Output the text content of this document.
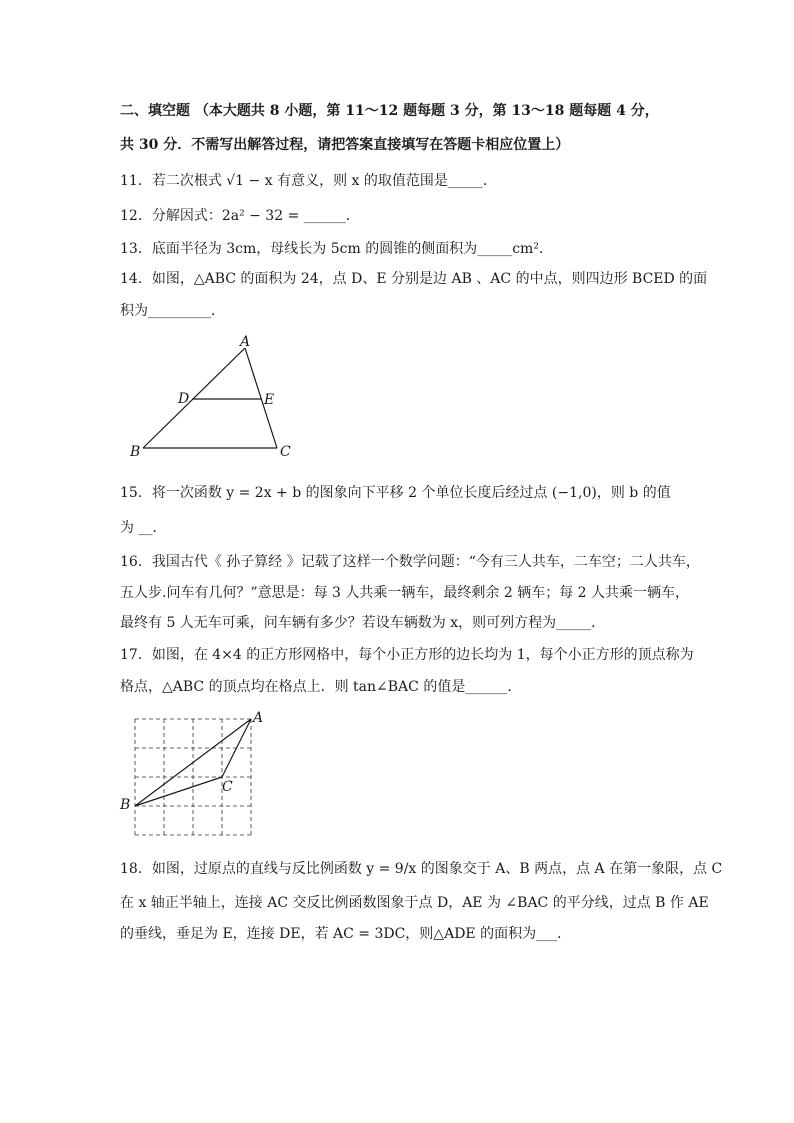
二、填空题 （本大题共 8 小题，第 11～12 题每题 3 分，第 13～18 题每题 4 分，
共 30 分．不需写出解答过程，请把答案直接填写在答题卡相应位置上）
11．若二次根式 √1 − x 有意义，则 x 的取值范围是_____．
12．分解因式：2a² − 32 = ______．
13．底面半径为 3cm，母线长为 5cm 的圆锥的侧面积为_____cm²．
14．如图，△ABC 的面积为 24，点 D、E 分别是边 AB 、AC 的中点，则四边形 BCED 的面
积为_________．
A
D	E
B	C
15．将一次函数 y = 2x + b 的图象向下平移 2 个单位长度后经过点 (−1,0)，则 b 的值
为 __．
16．我国古代《 孙子算经 》记载了这样一个数学问题：“今有三人共车，二车空；二人共车，
五人步.问车有几何？”意思是：每 3 人共乘一辆车，最终剩余 2 辆车；每 2 人共乘一辆车，
最终有 5 人无车可乘，问车辆有多少？若设车辆数为 x，则可列方程为_____．
17．如图，在 4×4 的正方形网格中，每个小正方形的边长均为 1，每个小正方形的顶点称为
格点，△ABC 的顶点均在格点上．则 tan∠BAC 的值是______．
A
B
C
18．如图，过原点的直线与反比例函数 y = 9/x 的图象交于 A、B 两点，点 A 在第一象限，点 C
在 x 轴正半轴上，连接 AC 交反比例函数图象于点 D，AE 为 ∠BAC 的平分线，过点 B 作 AE
的垂线，垂足为 E，连接 DE，若 AC = 3DC，则△ADE 的面积为___．
